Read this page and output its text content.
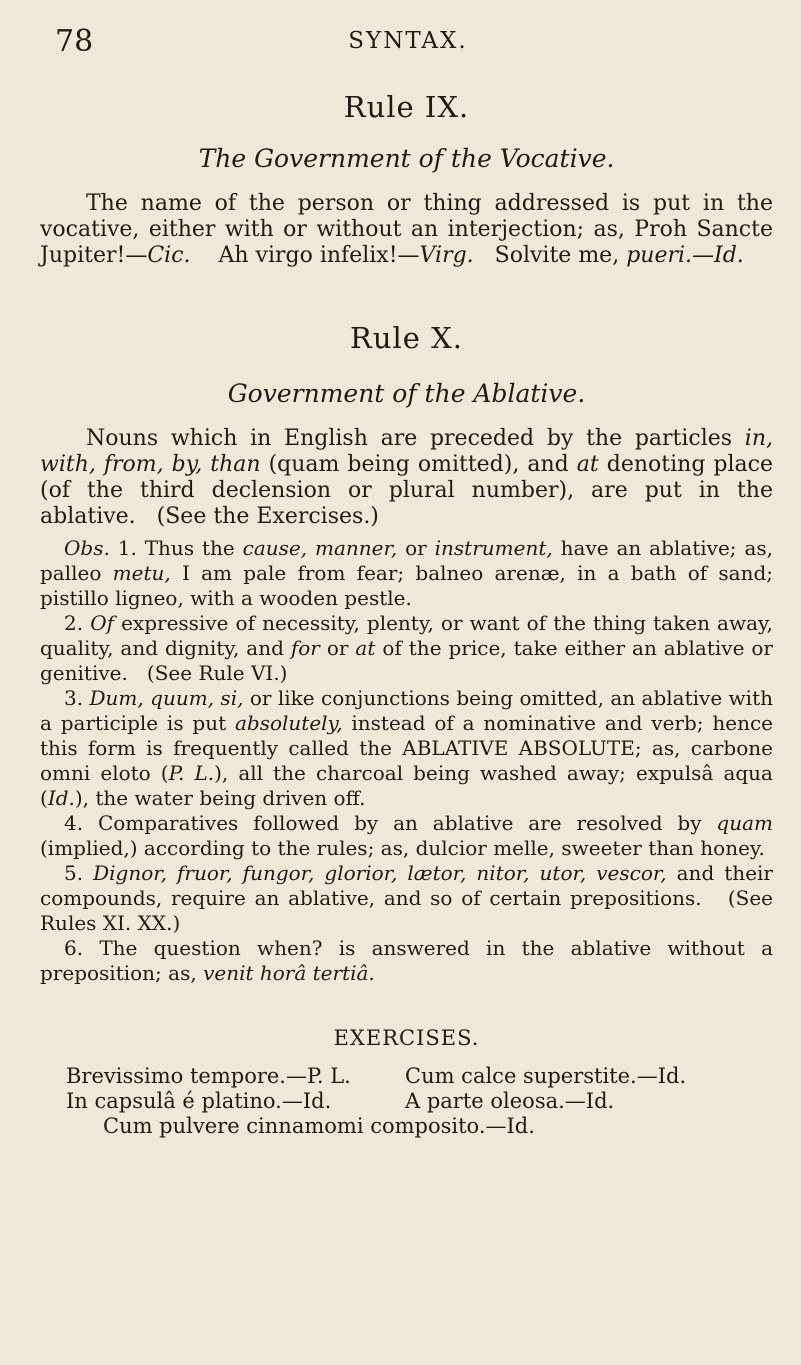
78	SYNTAX.

Rule IX.

The Government of the Vocative.

The name of the person or thing addressed is put in the vocative, either with or without an interjection; as, Proh Sancte Jupiter!—Cic.    Ah virgo infelix!—Virg.   Solvite me, pueri.—Id.

Rule X.

Government of the Ablative.

Nouns which in English are preceded by the particles in, with, from, by, than (quam being omitted), and at denoting place (of the third declension or plural number), are put in the ablative.   (See the Exercises.)

Obs. 1. Thus the cause, manner, or instrument, have an ablative; as, palleo metu, I am pale from fear; balneo arenæ, in a bath of sand; pistillo ligneo, with a wooden pestle.

2. Of expressive of necessity, plenty, or want of the thing taken away, quality, and dignity, and for or at of the price, take either an ablative or genitive.   (See Rule VI.)

3. Dum, quum, si, or like conjunctions being omitted, an ablative with a participle is put absolutely, instead of a nominative and verb; hence this form is frequently called the ABLATIVE ABSOLUTE; as, carbone omni eloto (P. L.), all the charcoal being washed away; expulsâ aqua (Id.), the water being driven off.

4. Comparatives followed by an ablative are resolved by quam (implied,) according to the rules; as, dulcior melle, sweeter than honey.

5. Dignor, fruor, fungor, glorior, lætor, nitor, utor, vescor, and their compounds, require an ablative, and so of certain prepositions.   (See Rules XI. XX.)

6. The question when? is answered in the ablative without a preposition; as, venit horâ tertiâ.

EXERCISES.

Brevissimo tempore.—P. L.	Cum calce superstite.—Id.
In capsulâ é platino.—Id.	A parte oleosa.—Id.

Cum pulvere cinnamomi composito.—Id.
